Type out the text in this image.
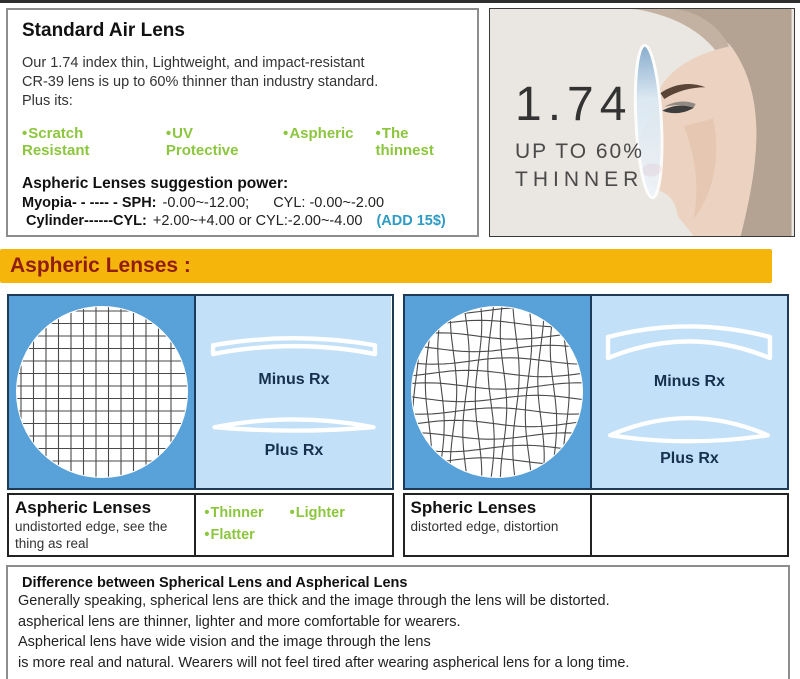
Standard Air Lens
Our 1.74 index thin, Lightweight, and impact-resistant
CR-39 lens is up to 60% thinner than industry standard.
Plus its:
• Scratch Resistant
• UV Protective
• Aspheric	• The thinnest
Aspheric Lenses suggestion power:
Myopia- - ---- - SPH: -0.00~-12.00; CYL: -0.00~-2.00
Cylinder------CYL: +2.00~+4.00 or CYL:-2.00~-4.00 (ADD 15$)
1.74
UP TO 60%
THINNER
Aspheric Lenses :
Minus Rx
Plus Rx
Aspheric Lenses
undistorted edge, see the thing as real
• Thinner • Lighter
• Flatter
Minus Rx
Plus Rx
Spheric Lenses
distorted edge, distortion
Difference between Spherical Lens and Aspherical Lens
Generally speaking, spherical lens are thick and the image through the lens will be distorted.
aspherical lens are thinner, lighter and more comfortable for wearers.
Aspherical lens have wide vision and the image through the lens
is more real and natural. Wearers will not feel tired after wearing aspherical lens for a long time.
